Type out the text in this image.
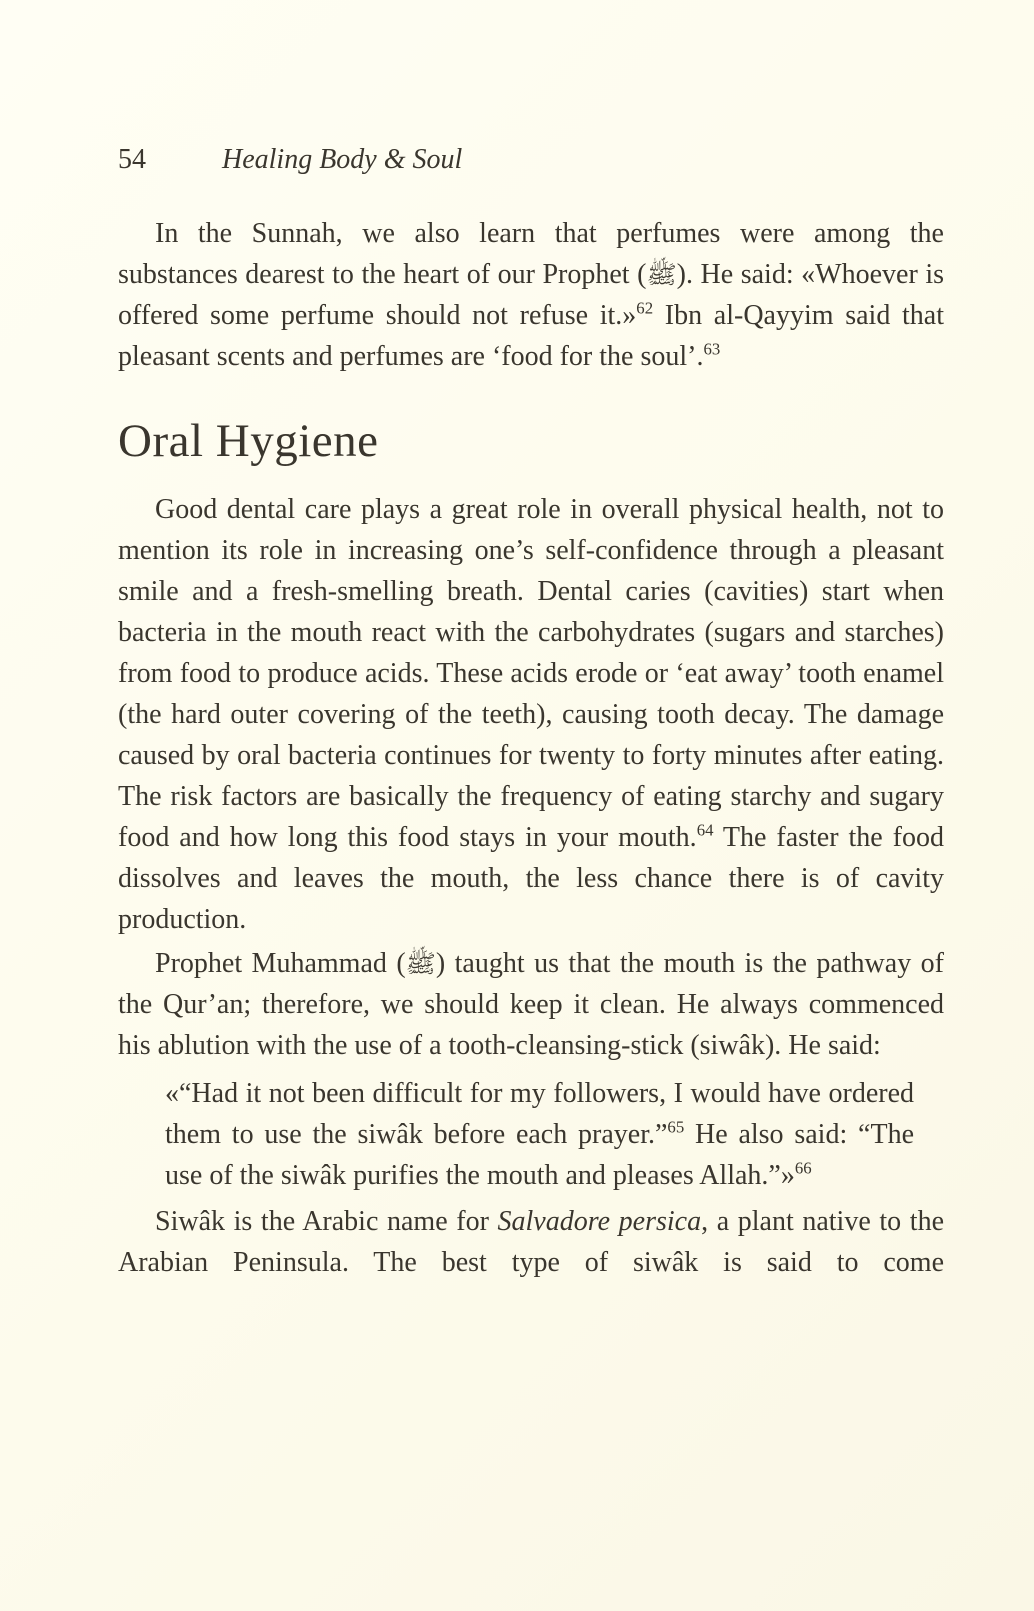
54	Healing Body & Soul

In the Sunnah, we also learn that perfumes were among the substances dearest to the heart of our Prophet (ﷺ). He said: «Whoever is offered some perfume should not refuse it.»$^{62}$ Ibn al-Qayyim said that pleasant scents and perfumes are ‘food for the soul’.$^{63}$

Oral Hygiene

Good dental care plays a great role in overall physical health, not to mention its role in increasing one’s self-confidence through a pleasant smile and a fresh-smelling breath. Dental caries (cavities) start when bacteria in the mouth react with the carbohydrates (sugars and starches) from food to produce acids. These acids erode or ‘eat away’ tooth enamel (the hard outer covering of the teeth), causing tooth decay. The damage caused by oral bacteria continues for twenty to forty minutes after eating. The risk factors are basically the frequency of eating starchy and sugary food and how long this food stays in your mouth.$^{64}$ The faster the food dissolves and leaves the mouth, the less chance there is of cavity production.

Prophet Muhammad (ﷺ) taught us that the mouth is the pathway of the Qur’an; therefore, we should keep it clean. He always commenced his ablution with the use of a tooth-cleansing-stick (siwâk). He said:

«“Had it not been difficult for my followers, I would have ordered them to use the siwâk before each prayer.”$^{65}$ He also said: “The use of the siwâk purifies the mouth and pleases Allah.”»$^{66}$

Siwâk is the Arabic name for Salvadore persica, a plant native to the Arabian Peninsula. The best type of siwâk is said to come
